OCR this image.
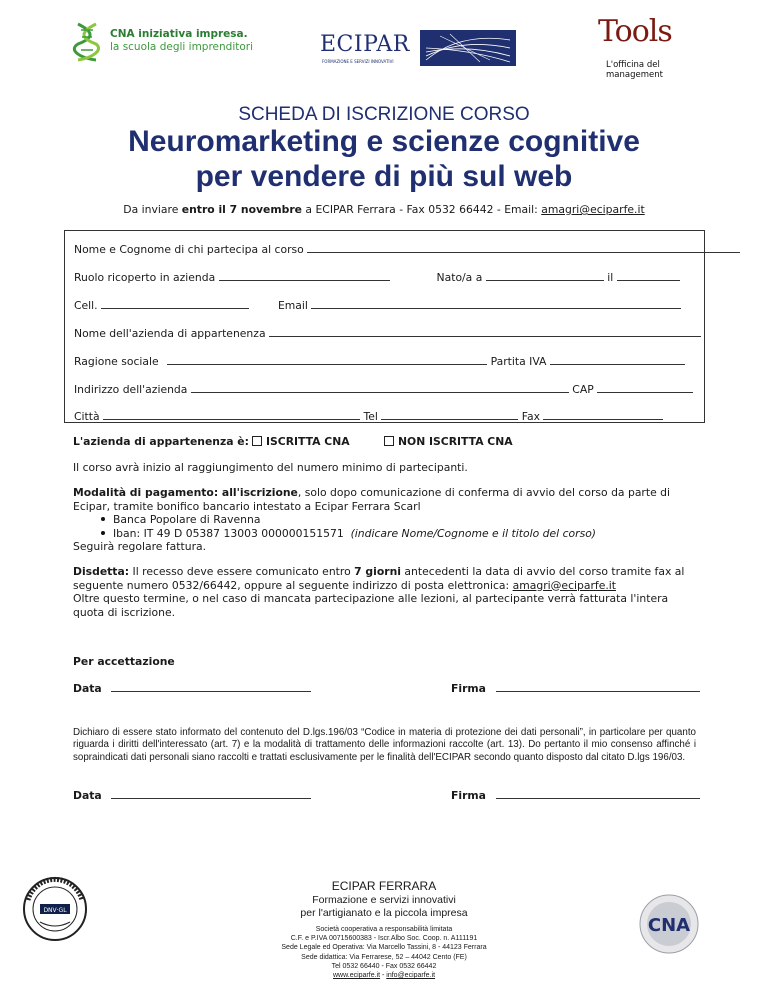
CNA iniziativa impresa.
la scuola degli imprenditori	ECIPAR
FORMAZIONE E SERVIZI INNOVATIVI
Tools
L'officina del
management
SCHEDA DI ISCRIZIONE CORSO
Neuromarketing e scienze cognitive
per vendere di più sul web
Da inviare entro il 7 novembre a ECIPAR Ferrara - Fax 0532 66442 - Email: amagri@eciparfe.it
Nome e Cognome di chi partecipa al corso
Ruolo ricoperto in azienda	Nato/a a	il
Cell.	Email
Nome dell'azienda di appartenenza
Ragione sociale	Partita IVA
Indirizzo dell'azienda	CAP
Città	Tel	Fax
L'azienda di appartenenza è:	ISCRITTA CNA	NON ISCRITTA CNA
Il corso avrà inizio al raggiungimento del numero minimo di partecipanti.
Modalità di pagamento: all'iscrizione, solo dopo comunicazione di conferma di avvio del corso da parte di Ecipar, tramite bonifico bancario intestato a Ecipar Ferrara Scarl
Banca Popolare di Ravenna
Iban: IT 49 D 05387 13003 000000151571 (indicare Nome/Cognome e il titolo del corso)
Seguirà regolare fattura.
Disdetta: Il recesso deve essere comunicato entro 7 giorni antecedenti la data di avvio del corso tramite fax al seguente numero 0532/66442, oppure al seguente indirizzo di posta elettronica: amagri@eciparfe.it
Oltre questo termine, o nel caso di mancata partecipazione alle lezioni, al partecipante verrà fatturata l'intera quota di iscrizione.
Per accettazione
Data	Firma
Dichiaro di essere stato informato del contenuto del D.lgs.196/03 “Codice in materia di protezione dei dati personali”, in particolare per quanto riguarda i diritti dell'interessato (art. 7) e la modalità di trattamento delle informazioni raccolte (art. 13). Do pertanto il mio consenso affinché i sopraindicati dati personali siano raccolti e trattati esclusivamente per le finalità dell'ECIPAR secondo quanto disposto dal citato D.lgs 196/03.
Data	Firma
DNV·GL
ECIPAR FERRARA
Formazione e servizi innovativi
per l'artigianato e la piccola impresa
Società cooperativa a responsabilità limitata
C.F. e P.IVA 00715600383 - Iscr.Albo Soc. Coop. n. A111191
Sede Legale ed Operativa: Via Marcello Tassini, 8 - 44123 Ferrara
Sede didattica: Via Ferrarese, 52 – 44042 Cento (FE)
Tel 0532 66440 - Fax 0532 66442
www.eciparfe.it - info@eciparfe.it
CNA
